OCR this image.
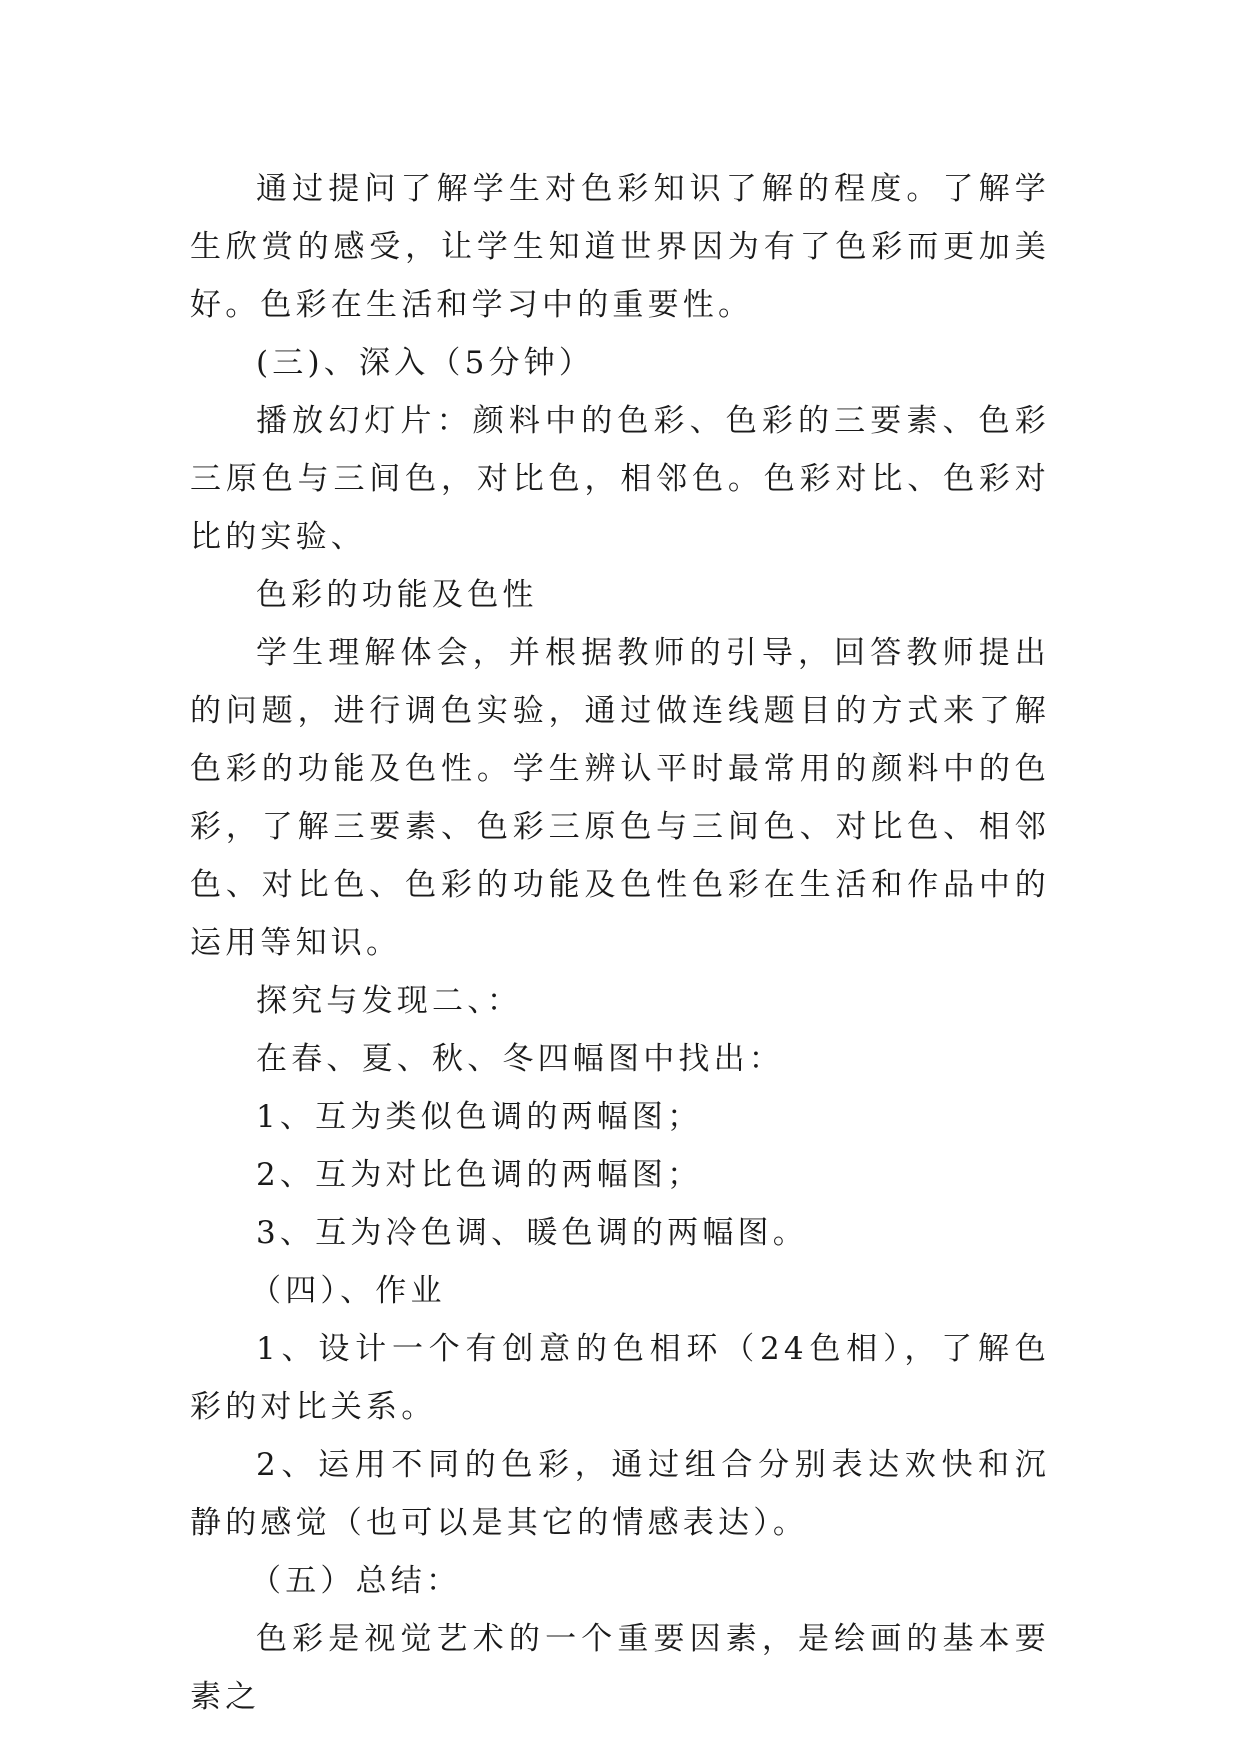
通过提问了解学生对色彩知识了解的程度。了解学生欣赏的感受，让学生知道世界因为有了色彩而更加美好。色彩在生活和学习中的重要性。

(三)、深入（5分钟）

播放幻灯片：颜料中的色彩、色彩的三要素、色彩三原色与三间色，对比色，相邻色。色彩对比、色彩对比的实验、

色彩的功能及色性

学生理解体会，并根据教师的引导，回答教师提出的问题，进行调色实验，通过做连线题目的方式来了解色彩的功能及色性。学生辨认平时最常用的颜料中的色彩，了解三要素、色彩三原色与三间色、对比色、相邻色、对比色、色彩的功能及色性色彩在生活和作品中的运用等知识。

探究与发现二、：

在春、夏、秋、冬四幅图中找出：

1、互为类似色调的两幅图；

2、互为对比色调的两幅图；

3、互为冷色调、暖色调的两幅图。

（四）、作业

1、设计一个有创意的色相环（24色相），了解色彩的对比关系。

2、运用不同的色彩，通过组合分别表达欢快和沉静的感觉（也可以是其它的情感表达）。

（五）总结：

色彩是视觉艺术的一个重要因素，是绘画的基本要素之
